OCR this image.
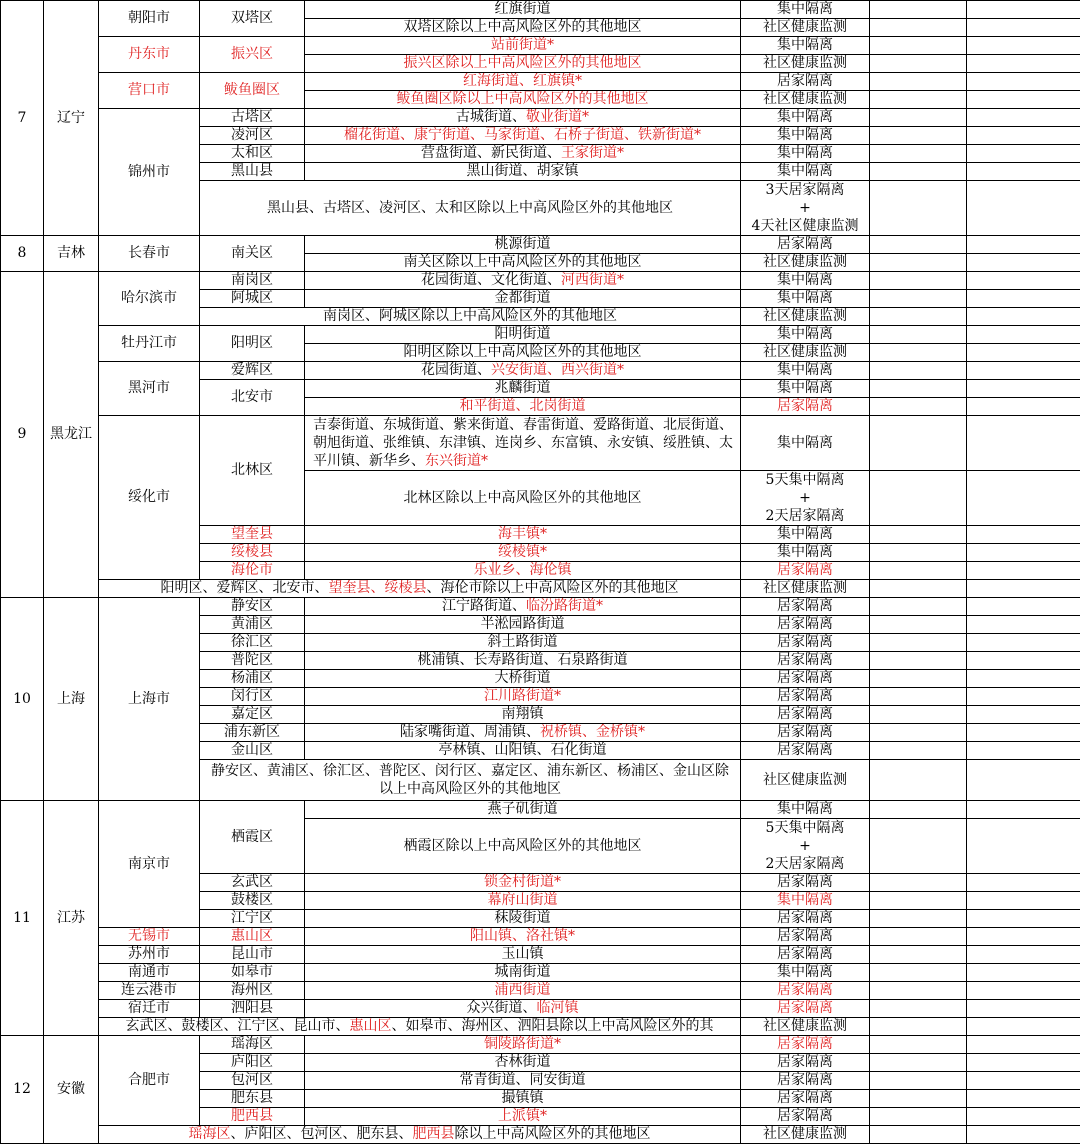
7	辽宁	朝阳市	双塔区	红旗街道	集中隔离		
				双塔区除以上中高风险区外的其他地区	社区健康监测		
		丹东市	振兴区	站前街道*	集中隔离		
				振兴区除以上中高风险区外的其他地区	社区健康监测		
		营口市	鲅鱼圈区	红海街道、红旗镇*	居家隔离		
				鲅鱼圈区除以上中高风险区外的其他地区	社区健康监测		
		锦州市	古塔区	古城街道、敬业街道*	集中隔离		
			凌河区	榴花街道、康宁街道、马家街道、石桥子街道、铁新街道*	集中隔离		
			太和区	营盘街道、新民街道、王家街道*	集中隔离		
			黑山县	黑山街道、胡家镇	集中隔离		
			黑山县、古塔区、凌河区、太和区除以上中高风险区外的其他地区		3天居家隔离
+
4天社区健康监测		
8	吉林	长春市	南关区	桃源街道	居家隔离		
				南关区除以上中高风险区外的其他地区	社区健康监测		
9	黑龙江	哈尔滨市	南岗区	花园街道、文化街道、河西街道*	集中隔离		
			阿城区	金都街道	集中隔离		
			南岗区、阿城区除以上中高风险区外的其他地区		社区健康监测		
		牡丹江市	阳明区	阳明街道	集中隔离		
				阳明区除以上中高风险区外的其他地区	社区健康监测		
		黑河市	爱辉区	花园街道、兴安街道、西兴街道*	集中隔离		
			北安市	兆麟街道	集中隔离		
				和平街道、北岗街道	居家隔离		
		绥化市	北林区	吉泰街道、东城街道、紫来街道、春雷街道、爱路街道、北辰街道、朝旭街道、张维镇、东津镇、连岗乡、东富镇、永安镇、绥胜镇、太平川镇、新华乡、东兴街道*	集中隔离		
				北林区除以上中高风险区外的其他地区	5天集中隔离
+
2天居家隔离		
			望奎县	海丰镇*	集中隔离		
			绥棱县	绥棱镇*	集中隔离		
			海伦市	乐业乡、海伦镇	居家隔离		
		阳明区、爱辉区、北安市、望奎县、绥棱县、海伦市除以上中高风险区外的其他地区			社区健康监测		
10	上海	上海市	静安区	江宁路街道、临汾路街道*	居家隔离		
			黄浦区	半淞园路街道	居家隔离		
			徐汇区	斜土路街道	居家隔离		
			普陀区	桃浦镇、长寿路街道、石泉路街道	居家隔离		
			杨浦区	大桥街道	居家隔离		
			闵行区	江川路街道*	居家隔离		
			嘉定区	南翔镇	居家隔离		
			浦东新区	陆家嘴街道、周浦镇、祝桥镇、金桥镇*	居家隔离		
			金山区	亭林镇、山阳镇、石化街道	居家隔离		
			静安区、黄浦区、徐汇区、普陀区、闵行区、嘉定区、浦东新区、杨浦区、金山区除以上中高风险区外的其他地区		社区健康监测		
11	江苏	南京市	栖霞区	燕子矶街道	集中隔离		
				栖霞区除以上中高风险区外的其他地区	5天集中隔离
+
2天居家隔离		
			玄武区	锁金村街道*	居家隔离		
			鼓楼区	幕府山街道	集中隔离		
			江宁区	秣陵街道	居家隔离		
		无锡市	惠山区	阳山镇、洛社镇*	居家隔离		
		苏州市	昆山市	玉山镇	居家隔离		
		南通市	如皋市	城南街道	集中隔离		
		连云港市	海州区	浦西街道	居家隔离		
		宿迁市	泗阳县	众兴街道、临河镇	居家隔离		
		玄武区、鼓楼区、江宁区、昆山市、惠山区、如皋市、海州区、泗阳县除以上中高风险区外的其			社区健康监测		
12	安徽	合肥市	瑶海区	铜陵路街道*	居家隔离		
			庐阳区	杏林街道	居家隔离		
			包河区	常青街道、同安街道	居家隔离		
			肥东县	撮镇镇	居家隔离		
			肥西县	上派镇*	居家隔离		
		瑶海区、庐阳区、包河区、肥东县、肥西县除以上中高风险区外的其他地区			社区健康监测		
